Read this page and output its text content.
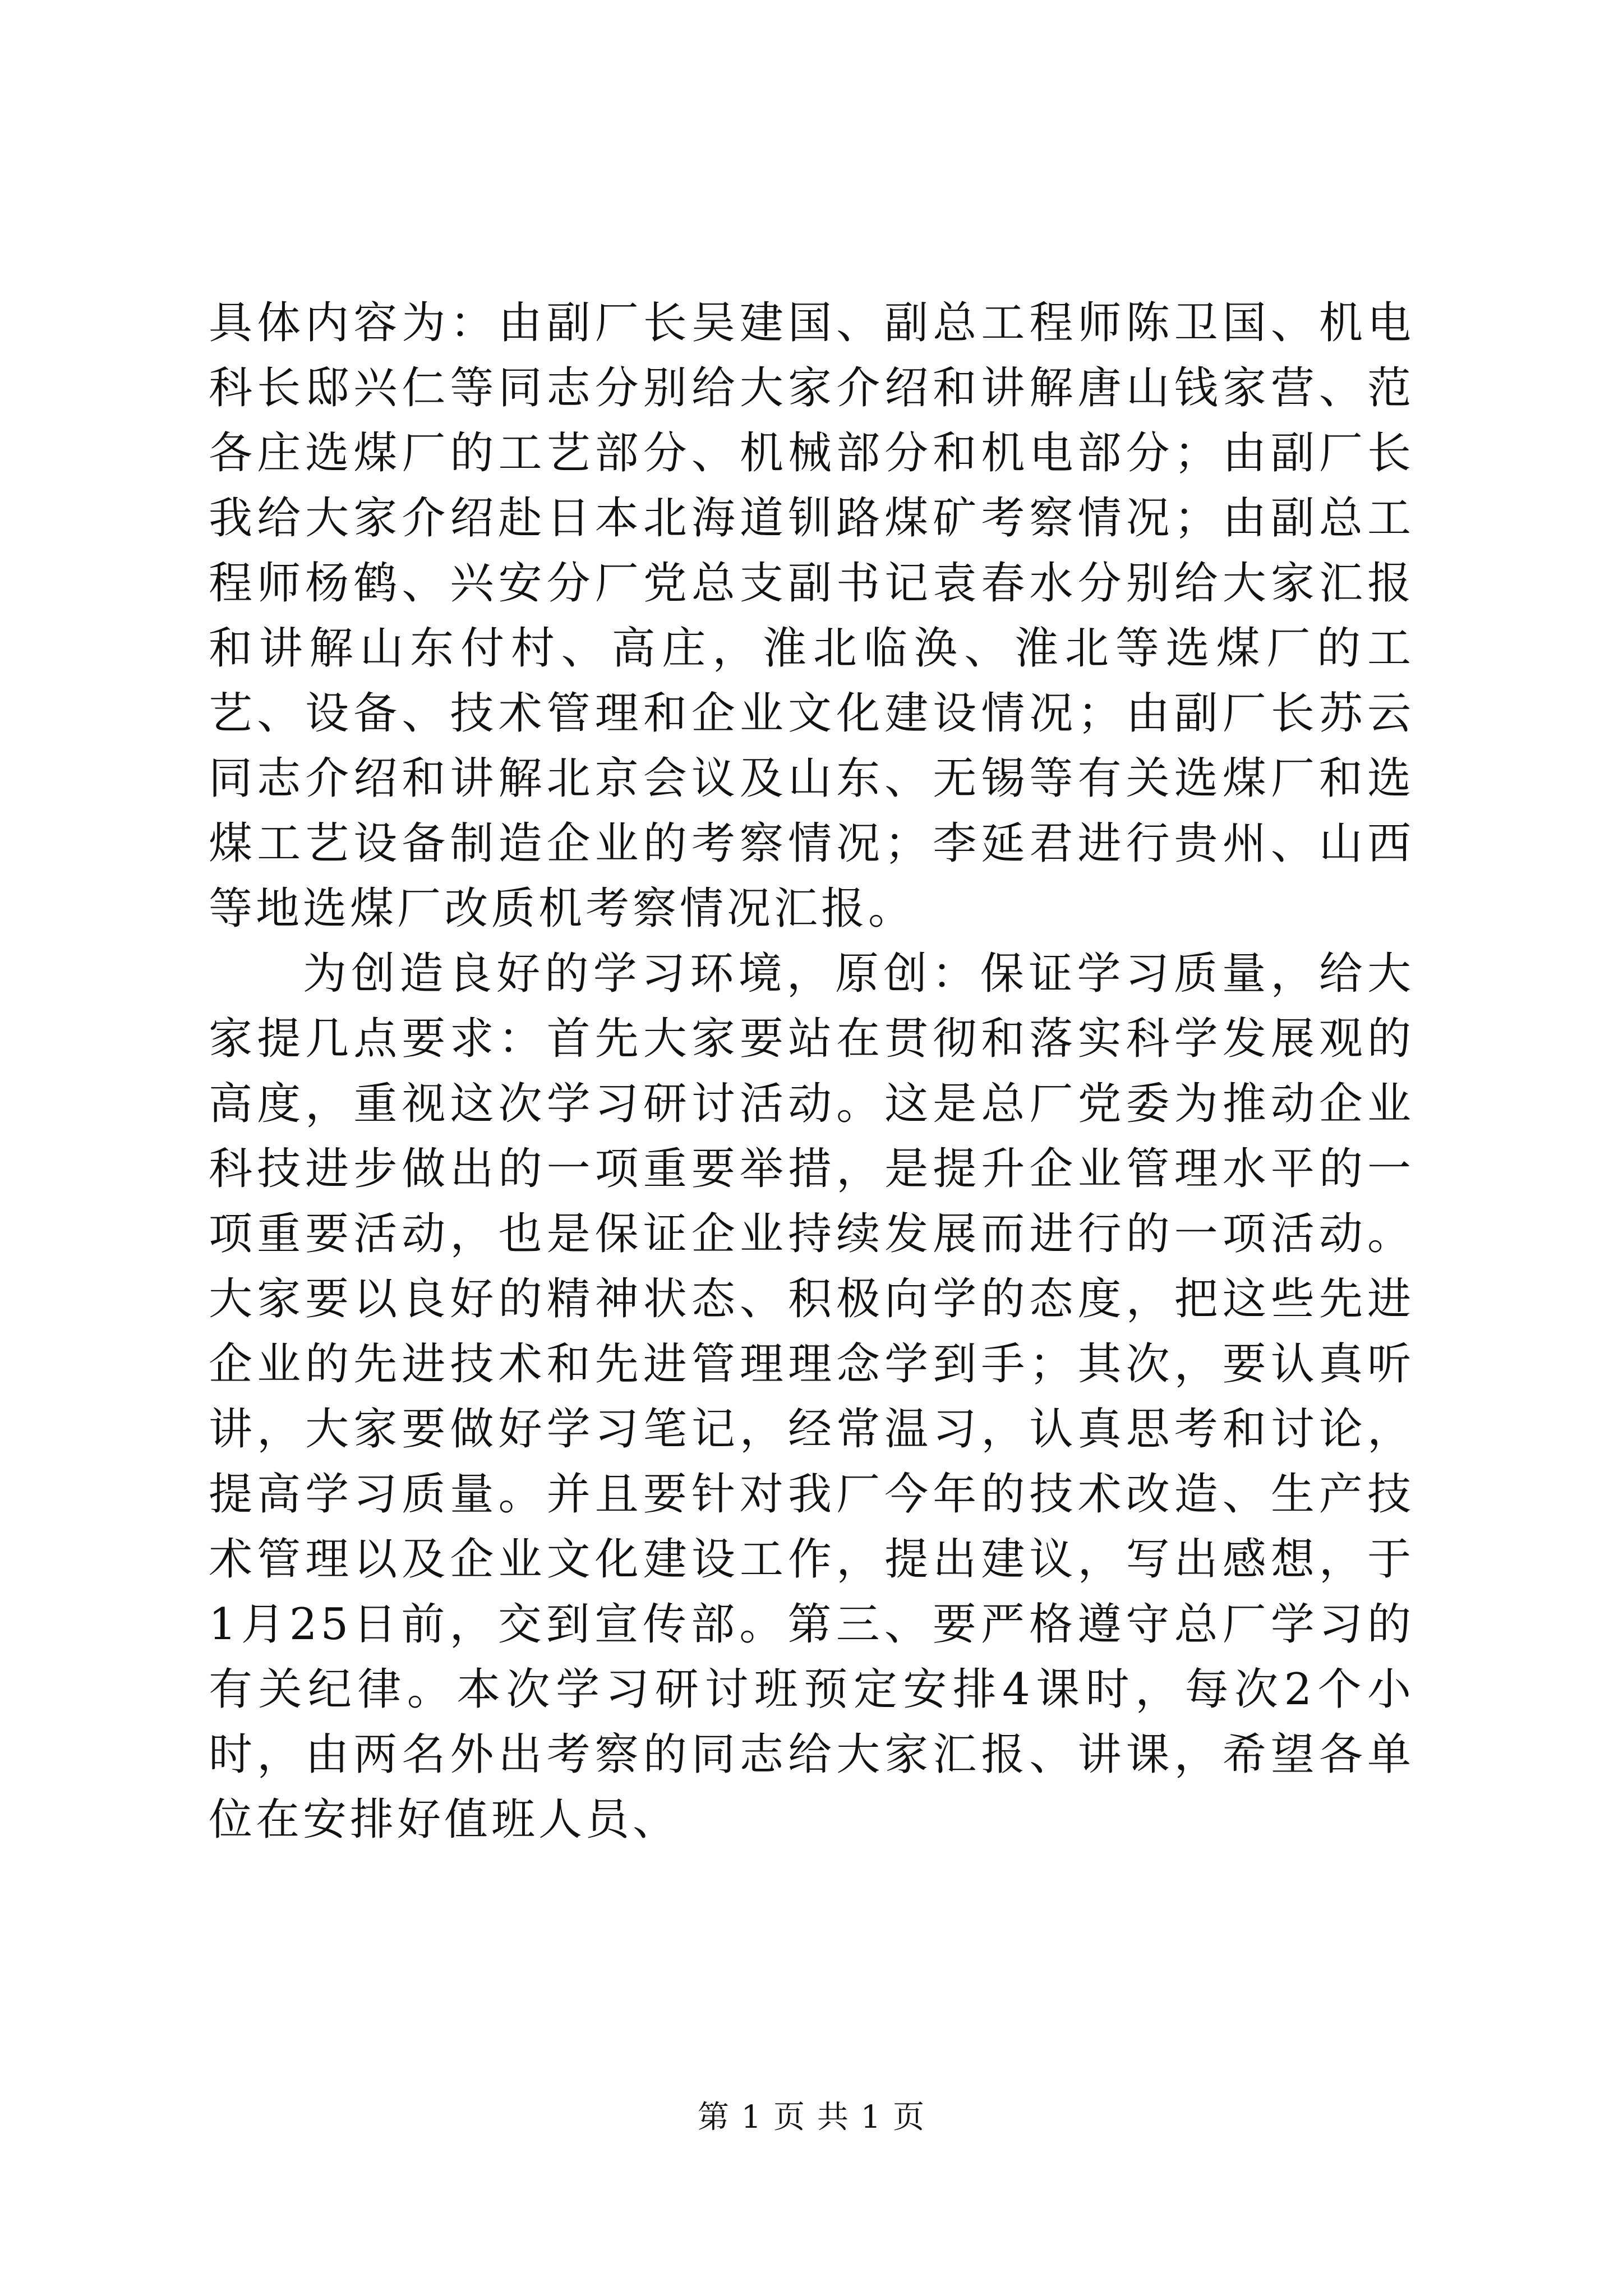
具体内容为：由副厂长吴建国、副总工程师陈卫国、机电科长邸兴仁等同志分别给大家介绍和讲解唐山钱家营、范各庄选煤厂的工艺部分、机械部分和机电部分；由副厂长我给大家介绍赴日本北海道钏路煤矿考察情况；由副总工程师杨鹤、兴安分厂党总支副书记袁春水分别给大家汇报和讲解山东付村、高庄，淮北临涣、淮北等选煤厂的工艺、设备、技术管理和企业文化建设情况；由副厂长苏云同志介绍和讲解北京会议及山东、无锡等有关选煤厂和选煤工艺设备制造企业的考察情况；李延君进行贵州、山西等地选煤厂改质机考察情况汇报。

为创造良好的学习环境，原创：保证学习质量，给大家提几点要求：首先大家要站在贯彻和落实科学发展观的高度，重视这次学习研讨活动。这是总厂党委为推动企业科技进步做出的一项重要举措，是提升企业管理水平的一项重要活动，也是保证企业持续发展而进行的一项活动。大家要以良好的精神状态、积极向学的态度，把这些先进企业的先进技术和先进管理理念学到手；其次，要认真听讲，大家要做好学习笔记，经常温习，认真思考和讨论，提高学习质量。并且要针对我厂今年的技术改造、生产技术管理以及企业文化建设工作，提出建议，写出感想，于1月25日前，交到宣传部。第三、要严格遵守总厂学习的有关纪律。本次学习研讨班预定安排4课时，每次2个小时，由两名外出考察的同志给大家汇报、讲课，希望各单位在安排好值班人员、

第 1 页 共 1 页
